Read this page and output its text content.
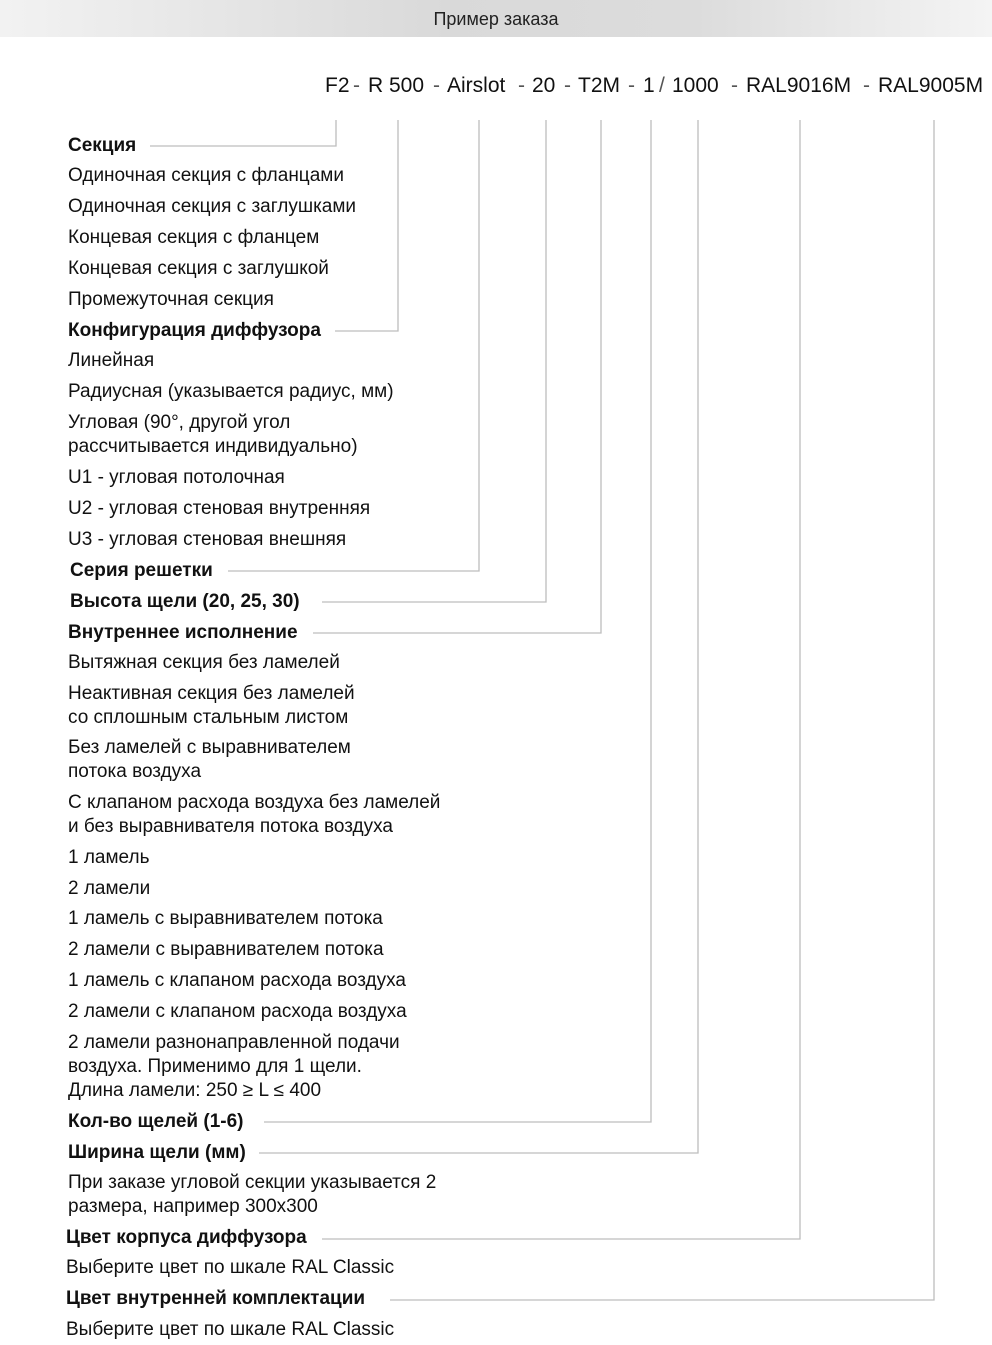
Пример заказа
F2 - R 500 - Airslot - 20 - T2M - 1 / 1000 - RAL9016M - RAL9005M
Секция
Одиночная секция с фланцами
Одиночная секция с заглушками
Концевая секция с фланцем
Концевая секция с заглушкой
Промежуточная секция
Конфигурация диффузора
Линейная
Радиусная (указывается радиус, мм)
Угловая (90°, другой угол
рассчитывается индивидуально)
U1 - угловая потолочная
U2 - угловая стеновая внутренняя
U3 - угловая стеновая внешняя
Серия решетки
Высота щели (20, 25, 30)
Внутреннее исполнение
Вытяжная секция без ламелей
Неактивная секция без ламелей
со сплошным стальным листом
Без ламелей с выравнивателем
потока воздуха
С клапаном расхода воздуха без ламелей
и без выравнивателя потока воздуха
1 ламель
2 ламели
1 ламель с выравнивателем потока
2 ламели с выравнивателем потока
1 ламель с клапаном расхода воздуха
2 ламели с клапаном расхода воздуха
2 ламели разнонаправленной подачи
воздуха. Применимо для 1 щели.
Длина ламели: 250 ≥ L ≤ 400
Кол-во щелей (1-6)
Ширина щели (мм)
При заказе угловой секции указывается 2
размера, например 300x300
Цвет корпуса диффузора
Выберите цвет по шкале RAL Classic
Цвет внутренней комплектации
Выберите цвет по шкале RAL Classic
